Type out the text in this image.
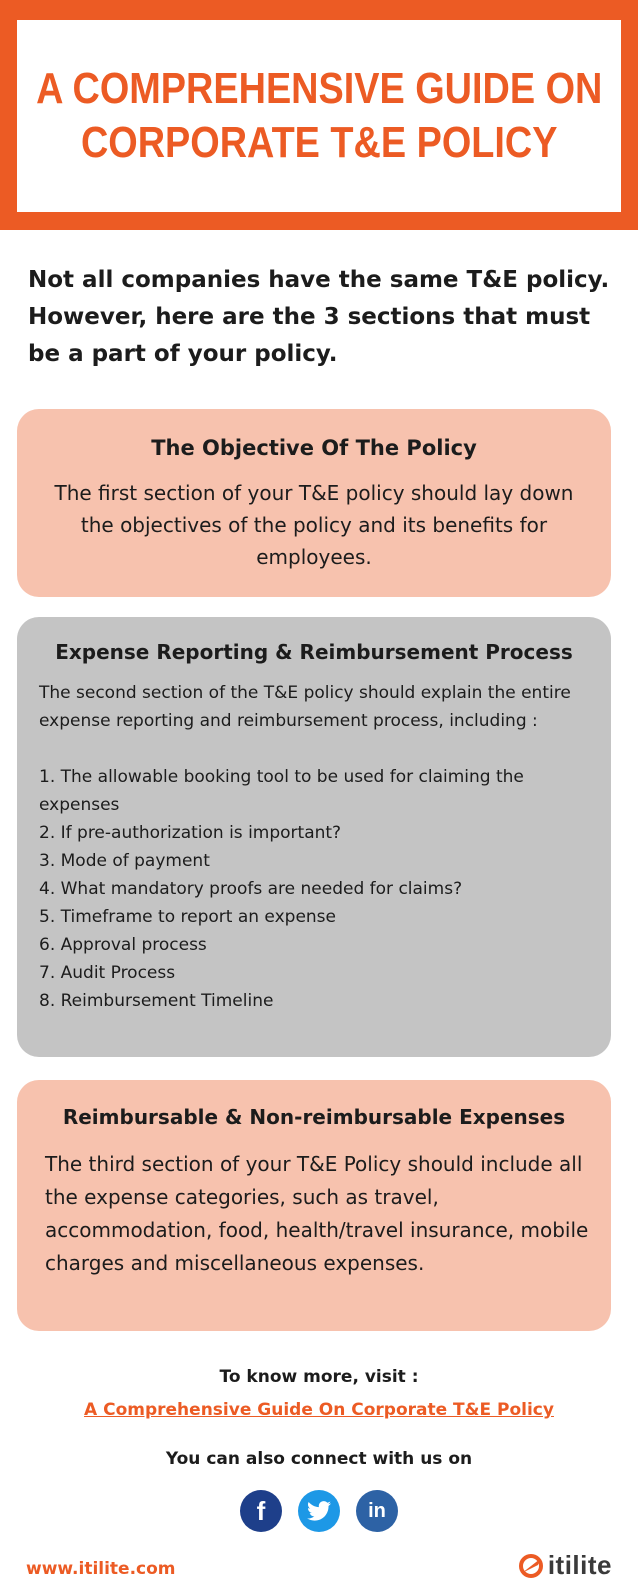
A COMPREHENSIVE GUIDE ON
CORPORATE T&E POLICY

Not all companies have the same T&E policy. However, here are the 3 sections that must be a part of your policy.

The Objective Of The Policy

The first section of your T&E policy should lay down the objectives of the policy and its benefits for employees.

Expense Reporting & Reimbursement Process

The second section of the T&E policy should explain the entire expense reporting and reimbursement process, including :

1. The allowable booking tool to be used for claiming the expenses
2. If pre-authorization is important?
3. Mode of payment
4. What mandatory proofs are needed for claims?
5. Timeframe to report an expense
6. Approval process
7. Audit Process
8. Reimbursement Timeline
Reimbursable & Non-reimbursable Expenses

The third section of your T&E Policy should include all the expense categories, such as travel, accommodation, food, health/travel insurance, mobile charges and miscellaneous expenses.

To know more, visit :

A Comprehensive Guide On Corporate T&E Policy

You can also connect with us on

f	in
www.itilite.com	itilite
